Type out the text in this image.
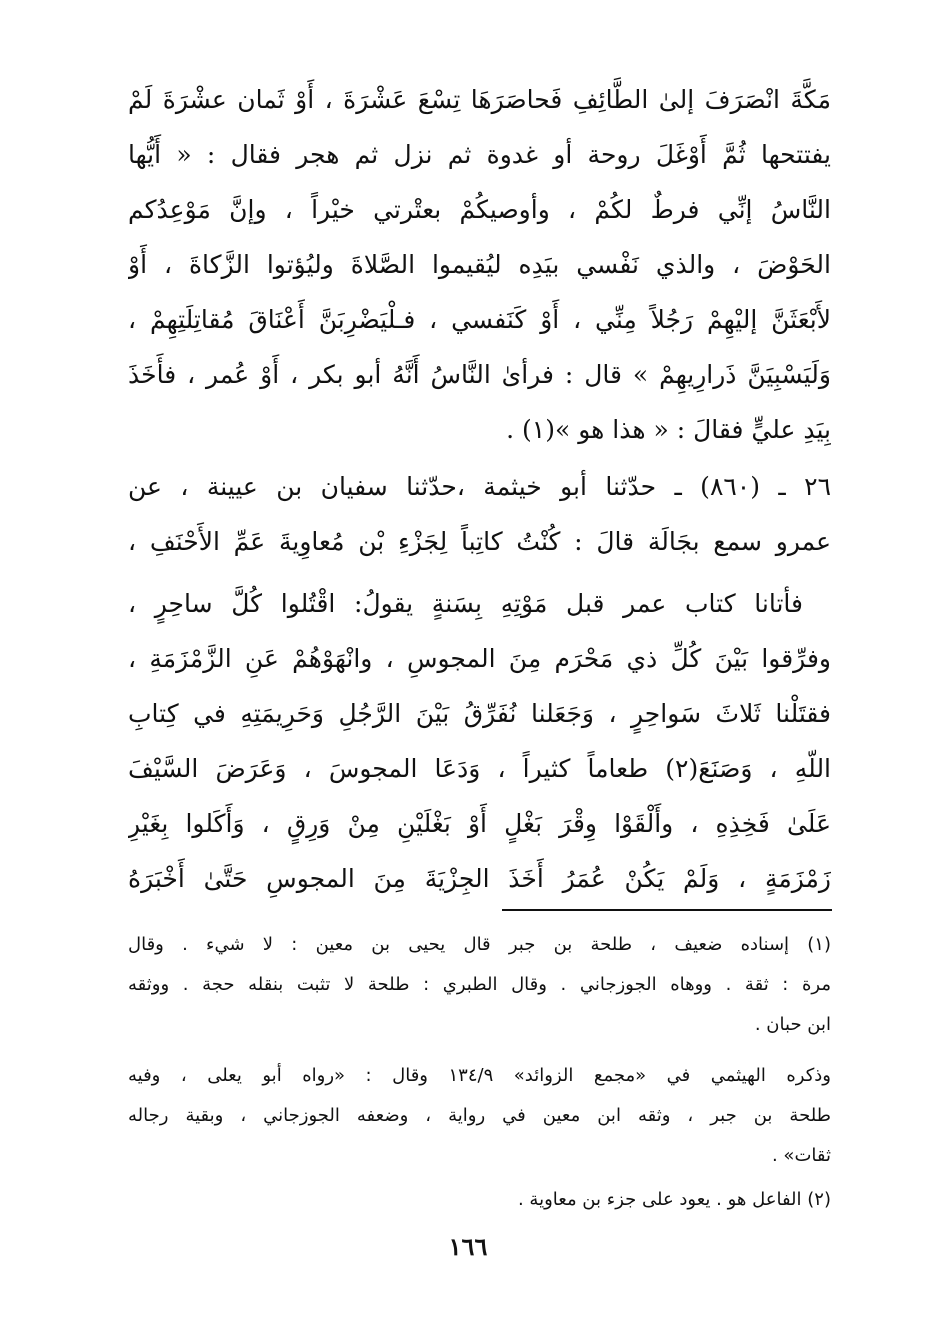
مَكَّةَ انْصَرَفَ إلىٰ الطَّائِفِ فَحاصَرَهَا تِسْعَ عَشْرَةَ ، أَوْ ثَمان عشْرَةَ لَمْ
يفتتحها ثُمَّ أَوْغَلَ روحة أو غدوة ثم نزل ثم هجر فقال : « أَيُّها
النَّاسُ إنِّي فرطٌ لكُمْ ، وأوصيكُمْ بعتْرتي خيْراً ، وإنَّ مَوْعِدُكم
الحَوْضَ ، والذي نَفْسي بيَدِه ليُقيموا الصَّلاةَ وليُؤتوا الزَّكاةَ ، أَوْ
لأَبْعَثَنَّ إليْهِمْ رَجُلاً مِنِّي ، أَوْ كَنَفسي ، فـلْيَضْرِبَنَّ أَعْنَاقَ مُقاتِلَتِهِمْ ،
وَلَيَسْبِيَنَّ ذَرارِيهِمْ » قال : فرأىٰ النَّاسُ أَنَّهُ أبو بكر ، أَوْ عُمر ، فأَخَذَ
بِيَدِ عليٍّ فقالَ : « هذا هو »(١) .
٢٦ ـ (٨٦٠) ـ حدّثنا أبو خيثمة ،حدّثنا سفيان بن عيينة ، عن
عمرو سمع بجَالَة قالَ : كُنْتُ كاتِباً لِجَزْءِ بْن مُعاوِيةَ عَمِّ الأَحْنَفِ ،
فأتانا كتاب عمر قبل مَوْتِهِ بِسَنةٍ يقولُ: اقْتُلوا كُلَّ ساحِرٍ ،
وفرِّقوا بَيْنَ كُلِّ ذي مَحْرَم مِنَ المجوسِ ، وانْهَوْهُمْ عَنِ الزَّمْزَمَةِ ،
فقتَلْنا ثَلاثَ سَواحِرٍ ، وَجَعَلنا نُفَرِّقُ بَيْنَ الرَّجُلِ وَحَرِيمَتِهِ في كِتابِ
اللّهِ ، وَصَنَعَ(٢) طعاماً كثيراً ، وَدَعَا المجوسَ ، وَعَرَضَ السَّيْفَ
عَلَىٰ فَخِذِهِ ، وأَلْقَوْا وِقْرَ بَغْلٍ أَوْ بَغْلَيْنِ مِنْ وَرِقٍ ، وَأَكَلوا بِغَيْرِ
زَمْزَمَةٍ ، وَلَمْ يَكُنْ عُمَرُ أَخَذَ الجِزْيَةَ مِنَ المجوسِ حَتَّىٰ أَخْبَرَهُ
(١) إسناده ضعيف ، طلحة بن جبر قال يحيى بن معين : لا شيء . وقال
مرة : ثقة . ووهاه الجوزجاني . وقال الطبري : طلحة لا تثبت بنقله حجة . ووثقه
ابن حبان .
وذكره الهيثمي في «مجمع الزوائد» ١٣٤/٩ وقال : «رواه أبو يعلى ، وفيه
طلحة بن جبر ، وثقه ابن معين في رواية ، وضعفه الجوزجاني ، وبقية رجاله
ثقات» .
(٢) الفاعل هو . يعود على جزء بن معاوية .
١٦٦
